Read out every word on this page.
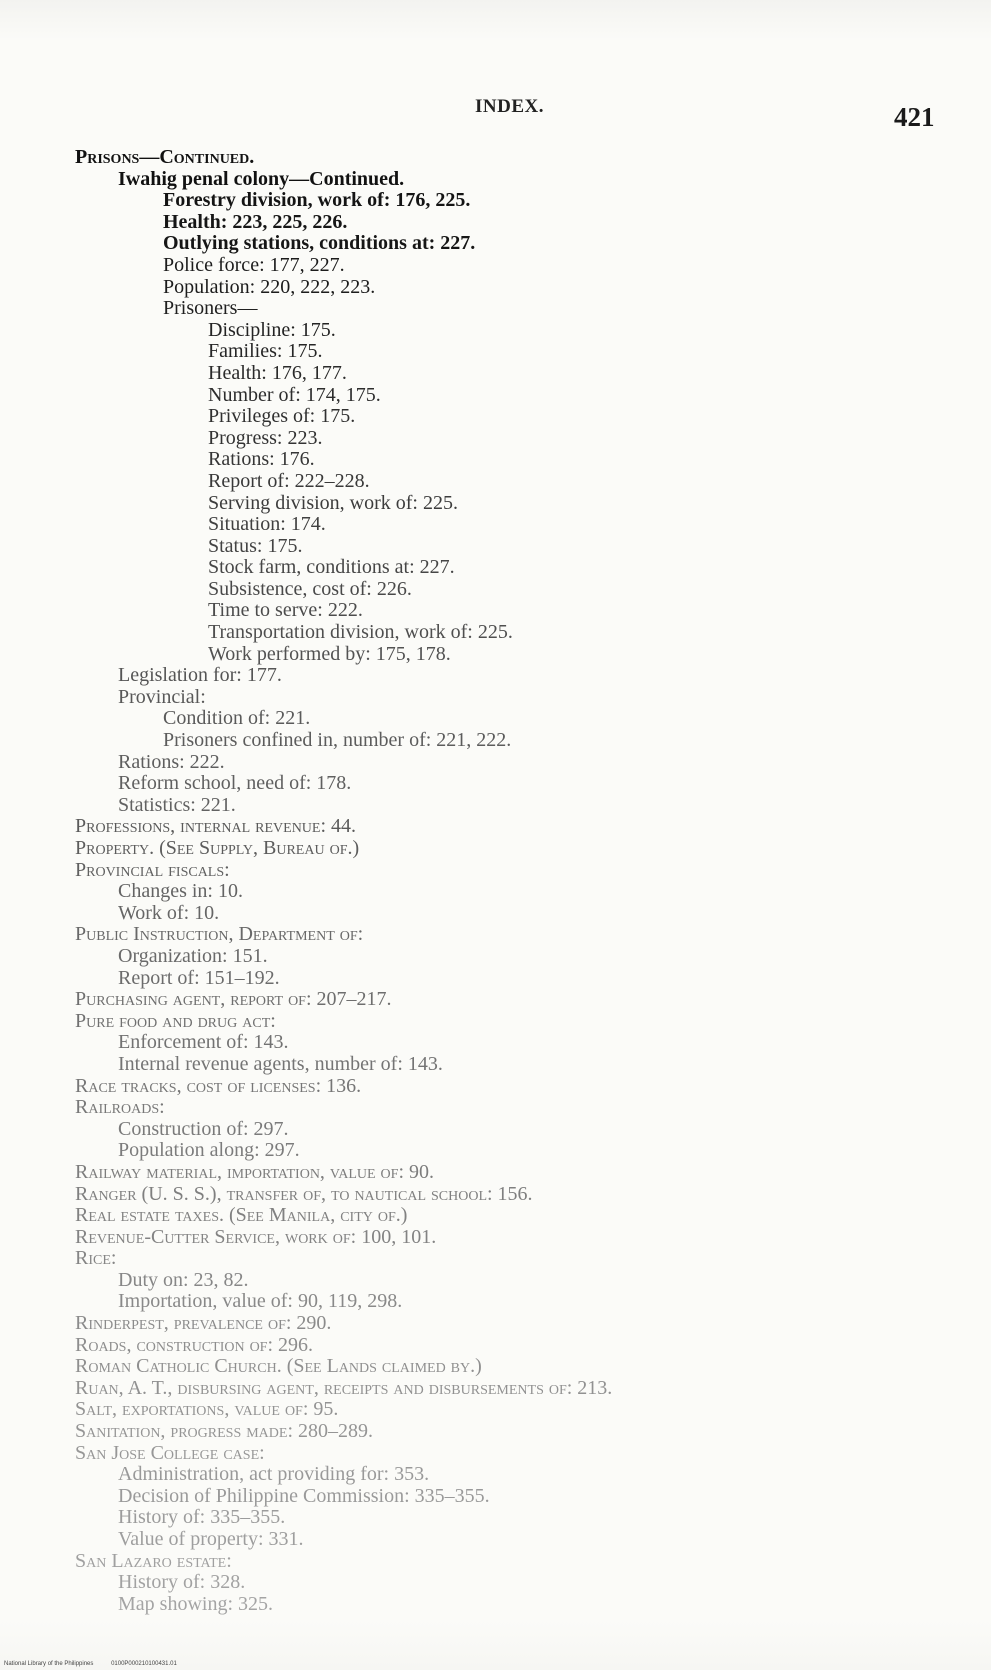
INDEX.	421
Prisons—Continued.
Iwahig penal colony—Continued.
Forestry division, work of: 176, 225.
Health: 223, 225, 226.
Outlying stations, conditions at: 227.
Police force: 177, 227.
Population: 220, 222, 223.
Prisoners—
Discipline: 175.
Families: 175.
Health: 176, 177.
Number of: 174, 175.
Privileges of: 175.
Progress: 223.
Rations: 176.
Report of: 222–228.
Serving division, work of: 225.
Situation: 174.
Status: 175.
Stock farm, conditions at: 227.
Subsistence, cost of: 226.
Time to serve: 222.
Transportation division, work of: 225.
Work performed by: 175, 178.
Legislation for: 177.
Provincial:
Condition of: 221.
Prisoners confined in, number of: 221, 222.
Rations: 222.
Reform school, need of: 178.
Statistics: 221.
Professions, internal revenue: 44.
Property. (See Supply, Bureau of.)
Provincial fiscals:
Changes in: 10.
Work of: 10.
Public Instruction, Department of:
Organization: 151.
Report of: 151–192.
Purchasing agent, report of: 207–217.
Pure food and drug act:
Enforcement of: 143.
Internal revenue agents, number of: 143.
Race tracks, cost of licenses: 136.
Railroads:
Construction of: 297.
Population along: 297.
Railway material, importation, value of: 90.
Ranger (U. S. S.), transfer of, to nautical school: 156.
Real estate taxes. (See Manila, city of.)
Revenue-Cutter Service, work of: 100, 101.
Rice:
Duty on: 23, 82.
Importation, value of: 90, 119, 298.
Rinderpest, prevalence of: 290.
Roads, construction of: 296.
Roman Catholic Church. (See Lands claimed by.)
Ruan, A. T., disbursing agent, receipts and disbursements of: 213.
Salt, exportations, value of: 95.
Sanitation, progress made: 280–289.
San Jose College case:
Administration, act providing for: 353.
Decision of Philippine Commission: 335–355.
History of: 335–355.
Value of property: 331.
San Lazaro estate:
History of: 328.
Map showing: 325.
National Library of the Philippines	0100P000210100431.01
